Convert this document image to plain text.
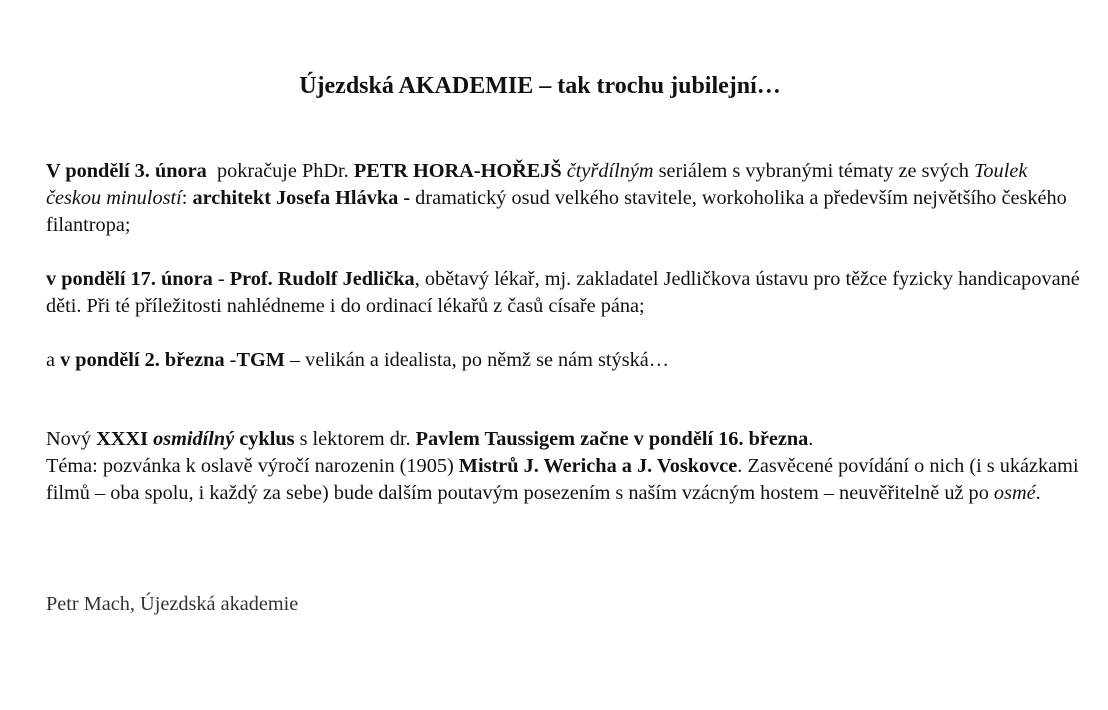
Újezdská AKADEMIE – tak trochu jubilejní…

V pondělí 3. února  pokračuje PhDr. PETR HORA-HOŘEJŠ čtyřdílným seriálem s vybranými tématy ze svých Toulek českou minulostí: architekt Josefa Hlávka - dramatický osud velkého stavitele, workoholika a především největšího českého filantropa;

v pondělí 17. února - Prof. Rudolf Jedlička, obětavý lékař, mj. zakladatel Jedličkova ústavu pro těžce fyzicky handicapované děti. Při té příležitosti nahlédneme i do ordinací lékařů z časů císaře pána;

a v pondělí 2. března -TGM – velikán a idealista, po němž se nám stýská…

Nový XXXI osmidílný cyklus s lektorem dr. Pavlem Taussigem začne v pondělí 16. března.
Téma: pozvánka k oslavě výročí narozenin (1905) Mistrů J. Wericha a J. Voskovce. Zasvěcené povídání o nich (i s ukázkami filmů – oba spolu, i každý za sebe) bude dalším poutavým posezením s naším vzácným hostem – neuvěřitelně už po osmé.

Petr Mach, Újezdská akademie
